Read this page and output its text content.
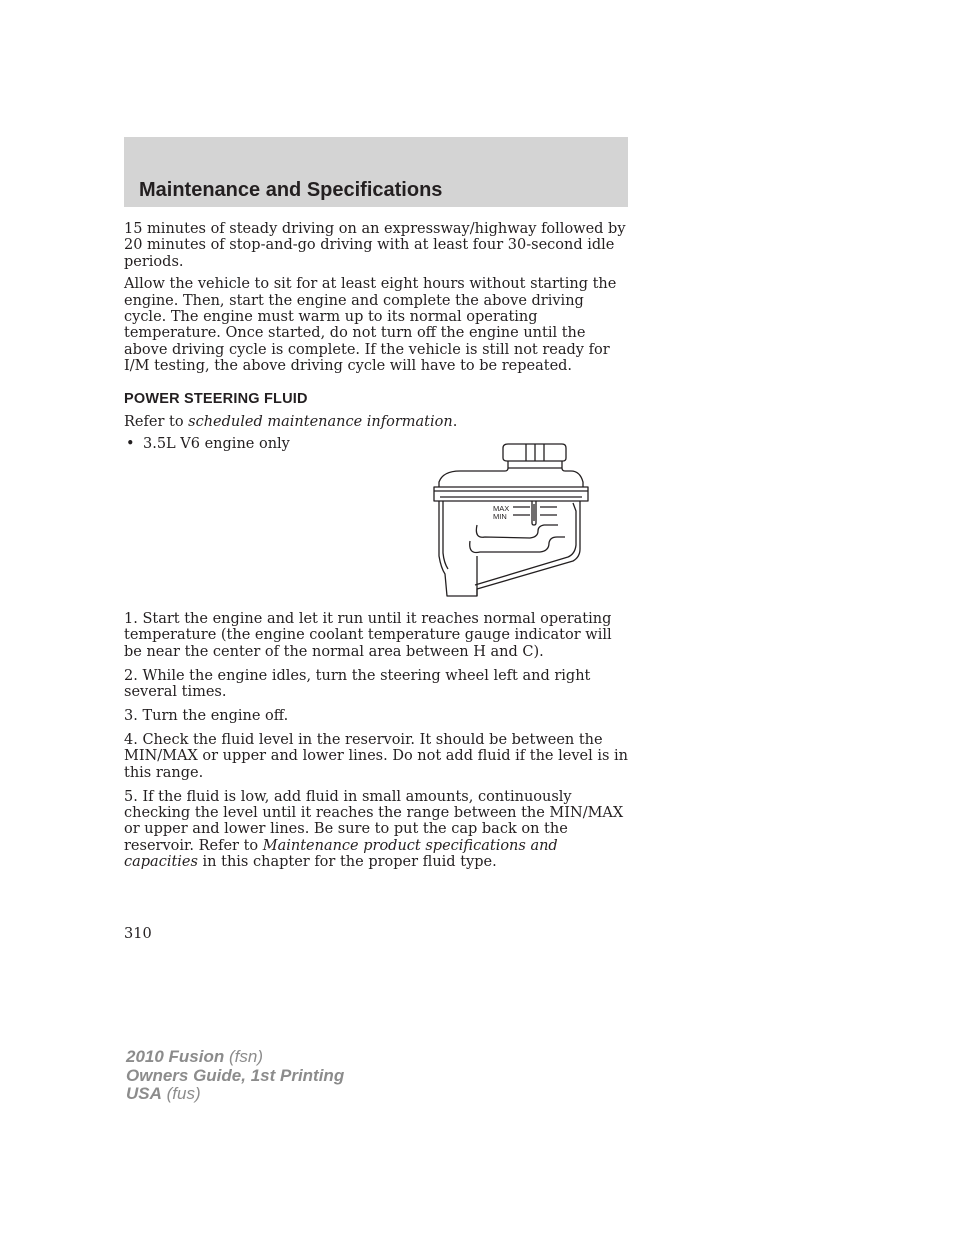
Maintenance and Specifications

15 minutes of steady driving on an expressway/highway followed by 20 minutes of stop-and-go driving with at least four 30-second idle periods.

Allow the vehicle to sit for at least eight hours without starting the engine. Then, start the engine and complete the above driving cycle. The engine must warm up to its normal operating temperature. Once started, do not turn off the engine until the above driving cycle is complete. If the vehicle is still not ready for I/M testing, the above driving cycle will have to be repeated.

POWER STEERING FLUID

Refer to scheduled maintenance information.

• 3.5L V6 engine only
MAX
MIN

1. Start the engine and let it run until it reaches normal operating temperature (the engine coolant temperature gauge indicator will be near the center of the normal area between H and C).

2. While the engine idles, turn the steering wheel left and right several times.

3. Turn the engine off.

4. Check the fluid level in the reservoir. It should be between the MIN/MAX or upper and lower lines. Do not add fluid if the level is in this range.

5. If the fluid is low, add fluid in small amounts, continuously checking the level until it reaches the range between the MIN/MAX or upper and lower lines. Be sure to put the cap back on the reservoir. Refer to Maintenance product specifications and capacities in this chapter for the proper fluid type.

310
2010 Fusion (fsn)
Owners Guide, 1st Printing
USA (fus)
